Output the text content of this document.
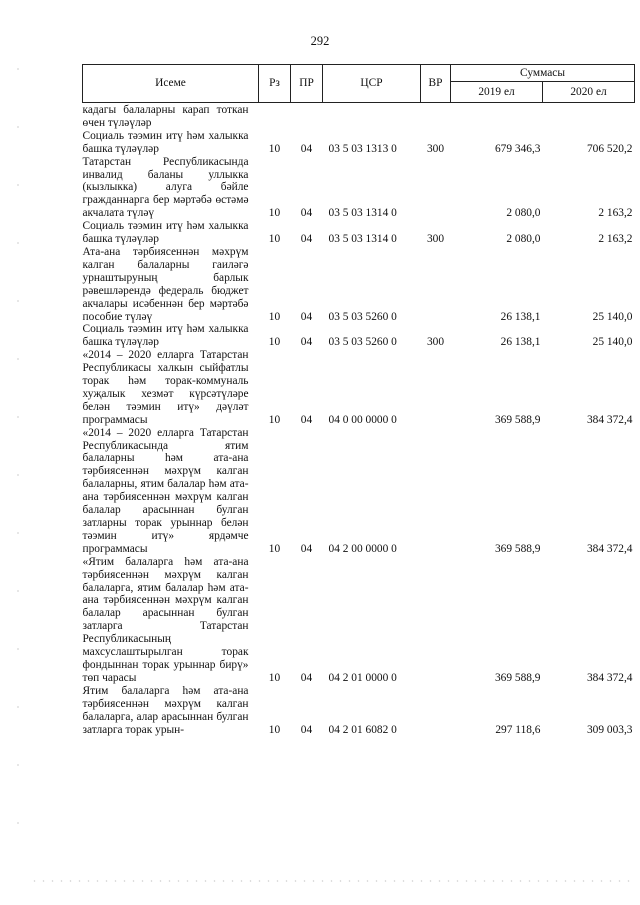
292
Исеме	Рз	ПР	ЦСР	ВР	Суммасы	
					2019 ел	2020 ел
кадагы балаларны карап тоткан өчен түләүләр						
Социаль тәэмин итү һәм халыкка башка түләүләр	10	04	03 5 03 1313 0	300	679 346,3	706 520,2
Татарстан Республикасында инвалид баланы уллыкка (кызлыкка) алуга бәйле гражданнарга бер мәртәбә өстәмә акчалата түләү	10	04	03 5 03 1314 0		2 080,0	2 163,2
Социаль тәэмин итү һәм халыкка башка түләүләр	10	04	03 5 03 1314 0	300	2 080,0	2 163,2
Ата-ана тәрбиясеннән мәхрүм калган балаларны гаиләгә урнаштыруның барлык рәвешләрендә федераль бюджет акчалары исәбеннән бер мәртәбә пособие түләү	10	04	03 5 03 5260 0		26 138,1	25 140,0
Социаль тәэмин итү һәм халыкка башка түләүләр	10	04	03 5 03 5260 0	300	26 138,1	25 140,0
«2014 – 2020 елларга Татарстан Республикасы халкын сыйфатлы торак һәм торак-коммуналь хуҗалык хезмәт күрсәтүләре белән тәэмин итү» дәүләт программасы	10	04	04 0 00 0000 0		369 588,9	384 372,4
«2014 – 2020 елларга Татарстан Республикасында ятим балаларны һәм ата-ана тәрбиясеннән мәхрүм калган балаларны, ятим балалар һәм ата-ана тәрбиясеннән мәхрүм калган балалар арасыннан булган затларны торак урыннар белән тәэмин итү» ярдәмче программасы	10	04	04 2 00 0000 0		369 588,9	384 372,4
«Ятим балаларга һәм ата-ана тәрбиясеннән мәхрүм калган балаларга, ятим балалар һәм ата-ана тәрбиясеннән мәхрүм калган балалар арасыннан булган затларга Татарстан Республикасының махсуслаштырылган торак фондыннан торак урыннар бирү» төп чарасы	10	04	04 2 01 0000 0		369 588,9	384 372,4
Ятим балаларга һәм ата-ана тәрбиясеннән мәхрүм калган балаларга, алар арасыннан булган затларга торак урын-	10	04	04 2 01 6082 0		297 118,6	309 003,3
